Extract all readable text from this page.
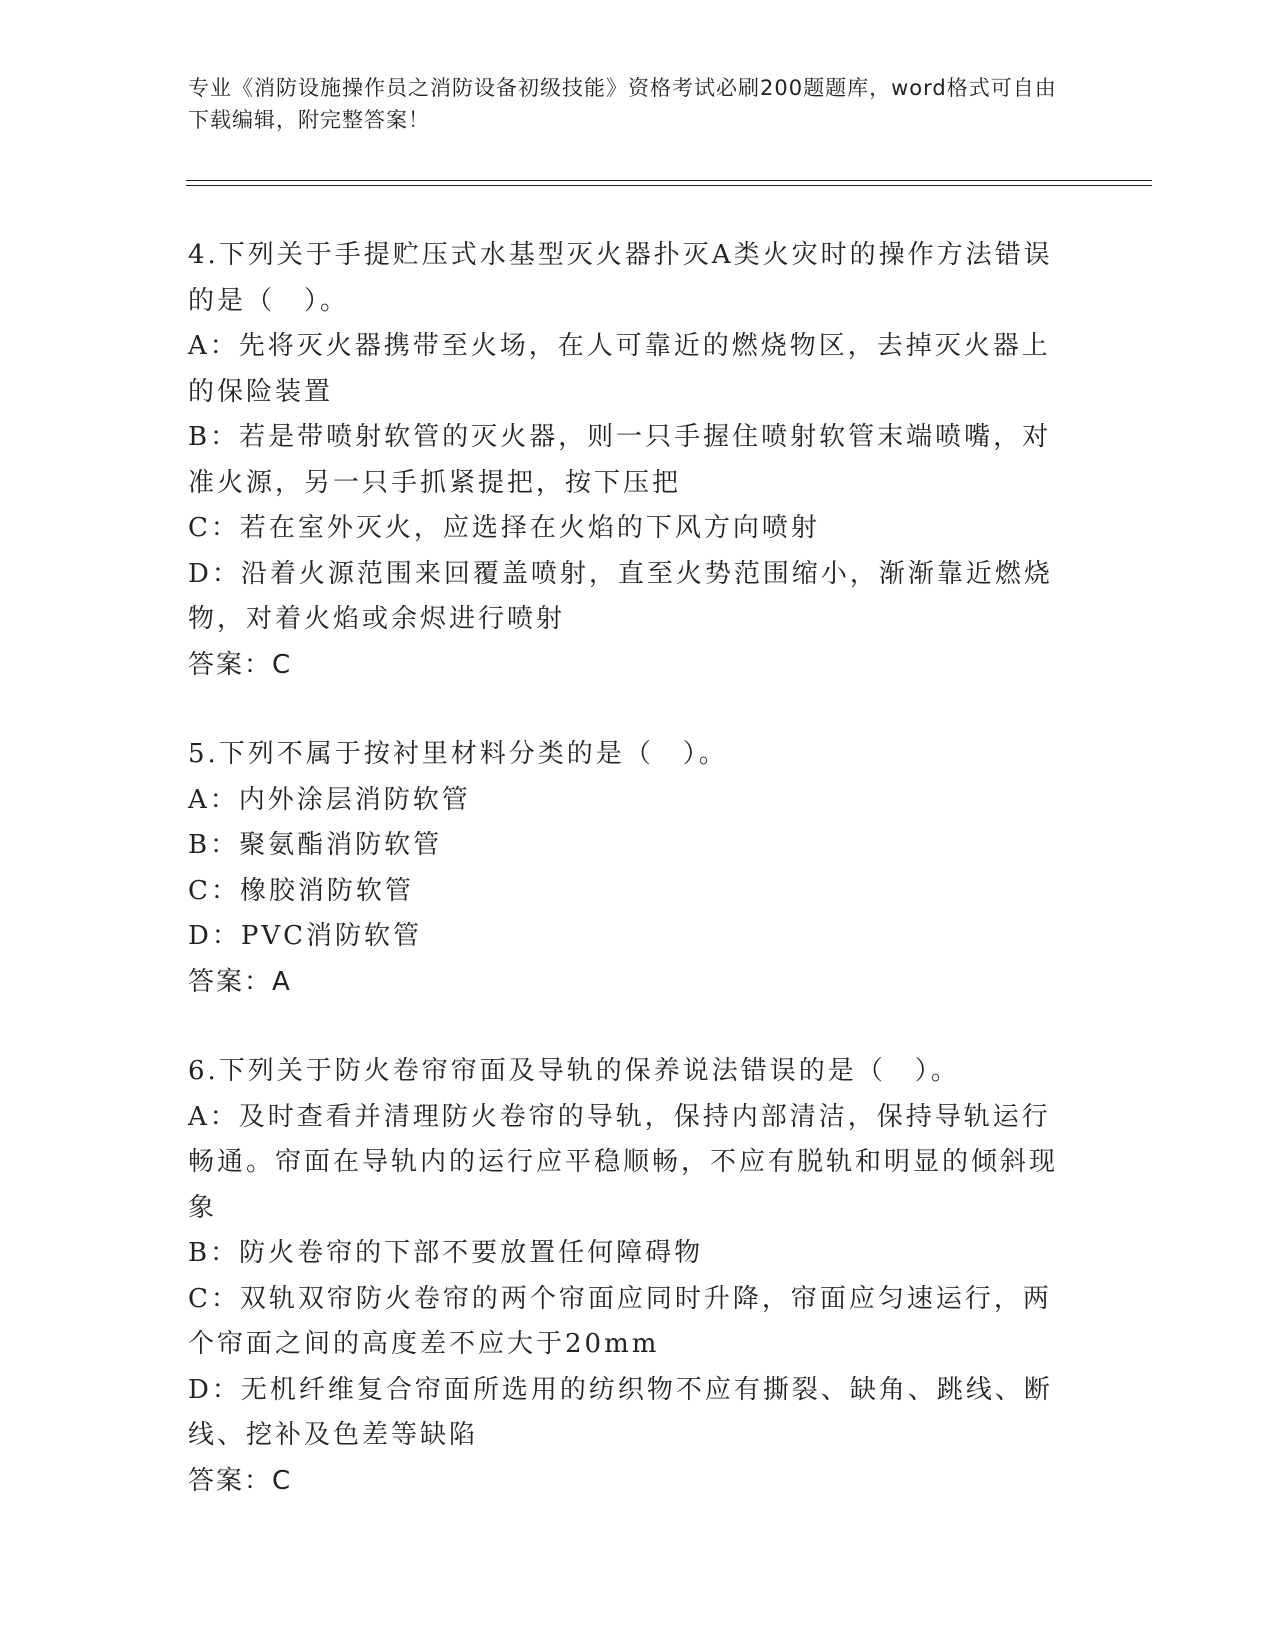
专业《消防设施操作员之消防设备初级技能》资格考试必刷200题题库，word格式可自由下载编辑，附完整答案！

4.下列关于手提贮压式水基型灭火器扑灭A类火灾时的操作方法错误的是（　）。

A：先将灭火器携带至火场，在人可靠近的燃烧物区，去掉灭火器上的保险装置

B：若是带喷射软管的灭火器，则一只手握住喷射软管末端喷嘴，对准火源，另一只手抓紧提把，按下压把

C：若在室外灭火，应选择在火焰的下风方向喷射

D：沿着火源范围来回覆盖喷射，直至火势范围缩小，渐渐靠近燃烧物，对着火焰或余烬进行喷射

答案：C

5.下列不属于按衬里材料分类的是（　）。

A：内外涂层消防软管

B：聚氨酯消防软管

C：橡胶消防软管

D：PVC消防软管

答案：A

6.下列关于防火卷帘帘面及导轨的保养说法错误的是（　）。

A：及时查看并清理防火卷帘的导轨，保持内部清洁，保持导轨运行畅通。帘面在导轨内的运行应平稳顺畅，不应有脱轨和明显的倾斜现象

B：防火卷帘的下部不要放置任何障碍物

C：双轨双帘防火卷帘的两个帘面应同时升降，帘面应匀速运行，两个帘面之间的高度差不应大于20mm

D：无机纤维复合帘面所选用的纺织物不应有撕裂、缺角、跳线、断线、挖补及色差等缺陷

答案：C
